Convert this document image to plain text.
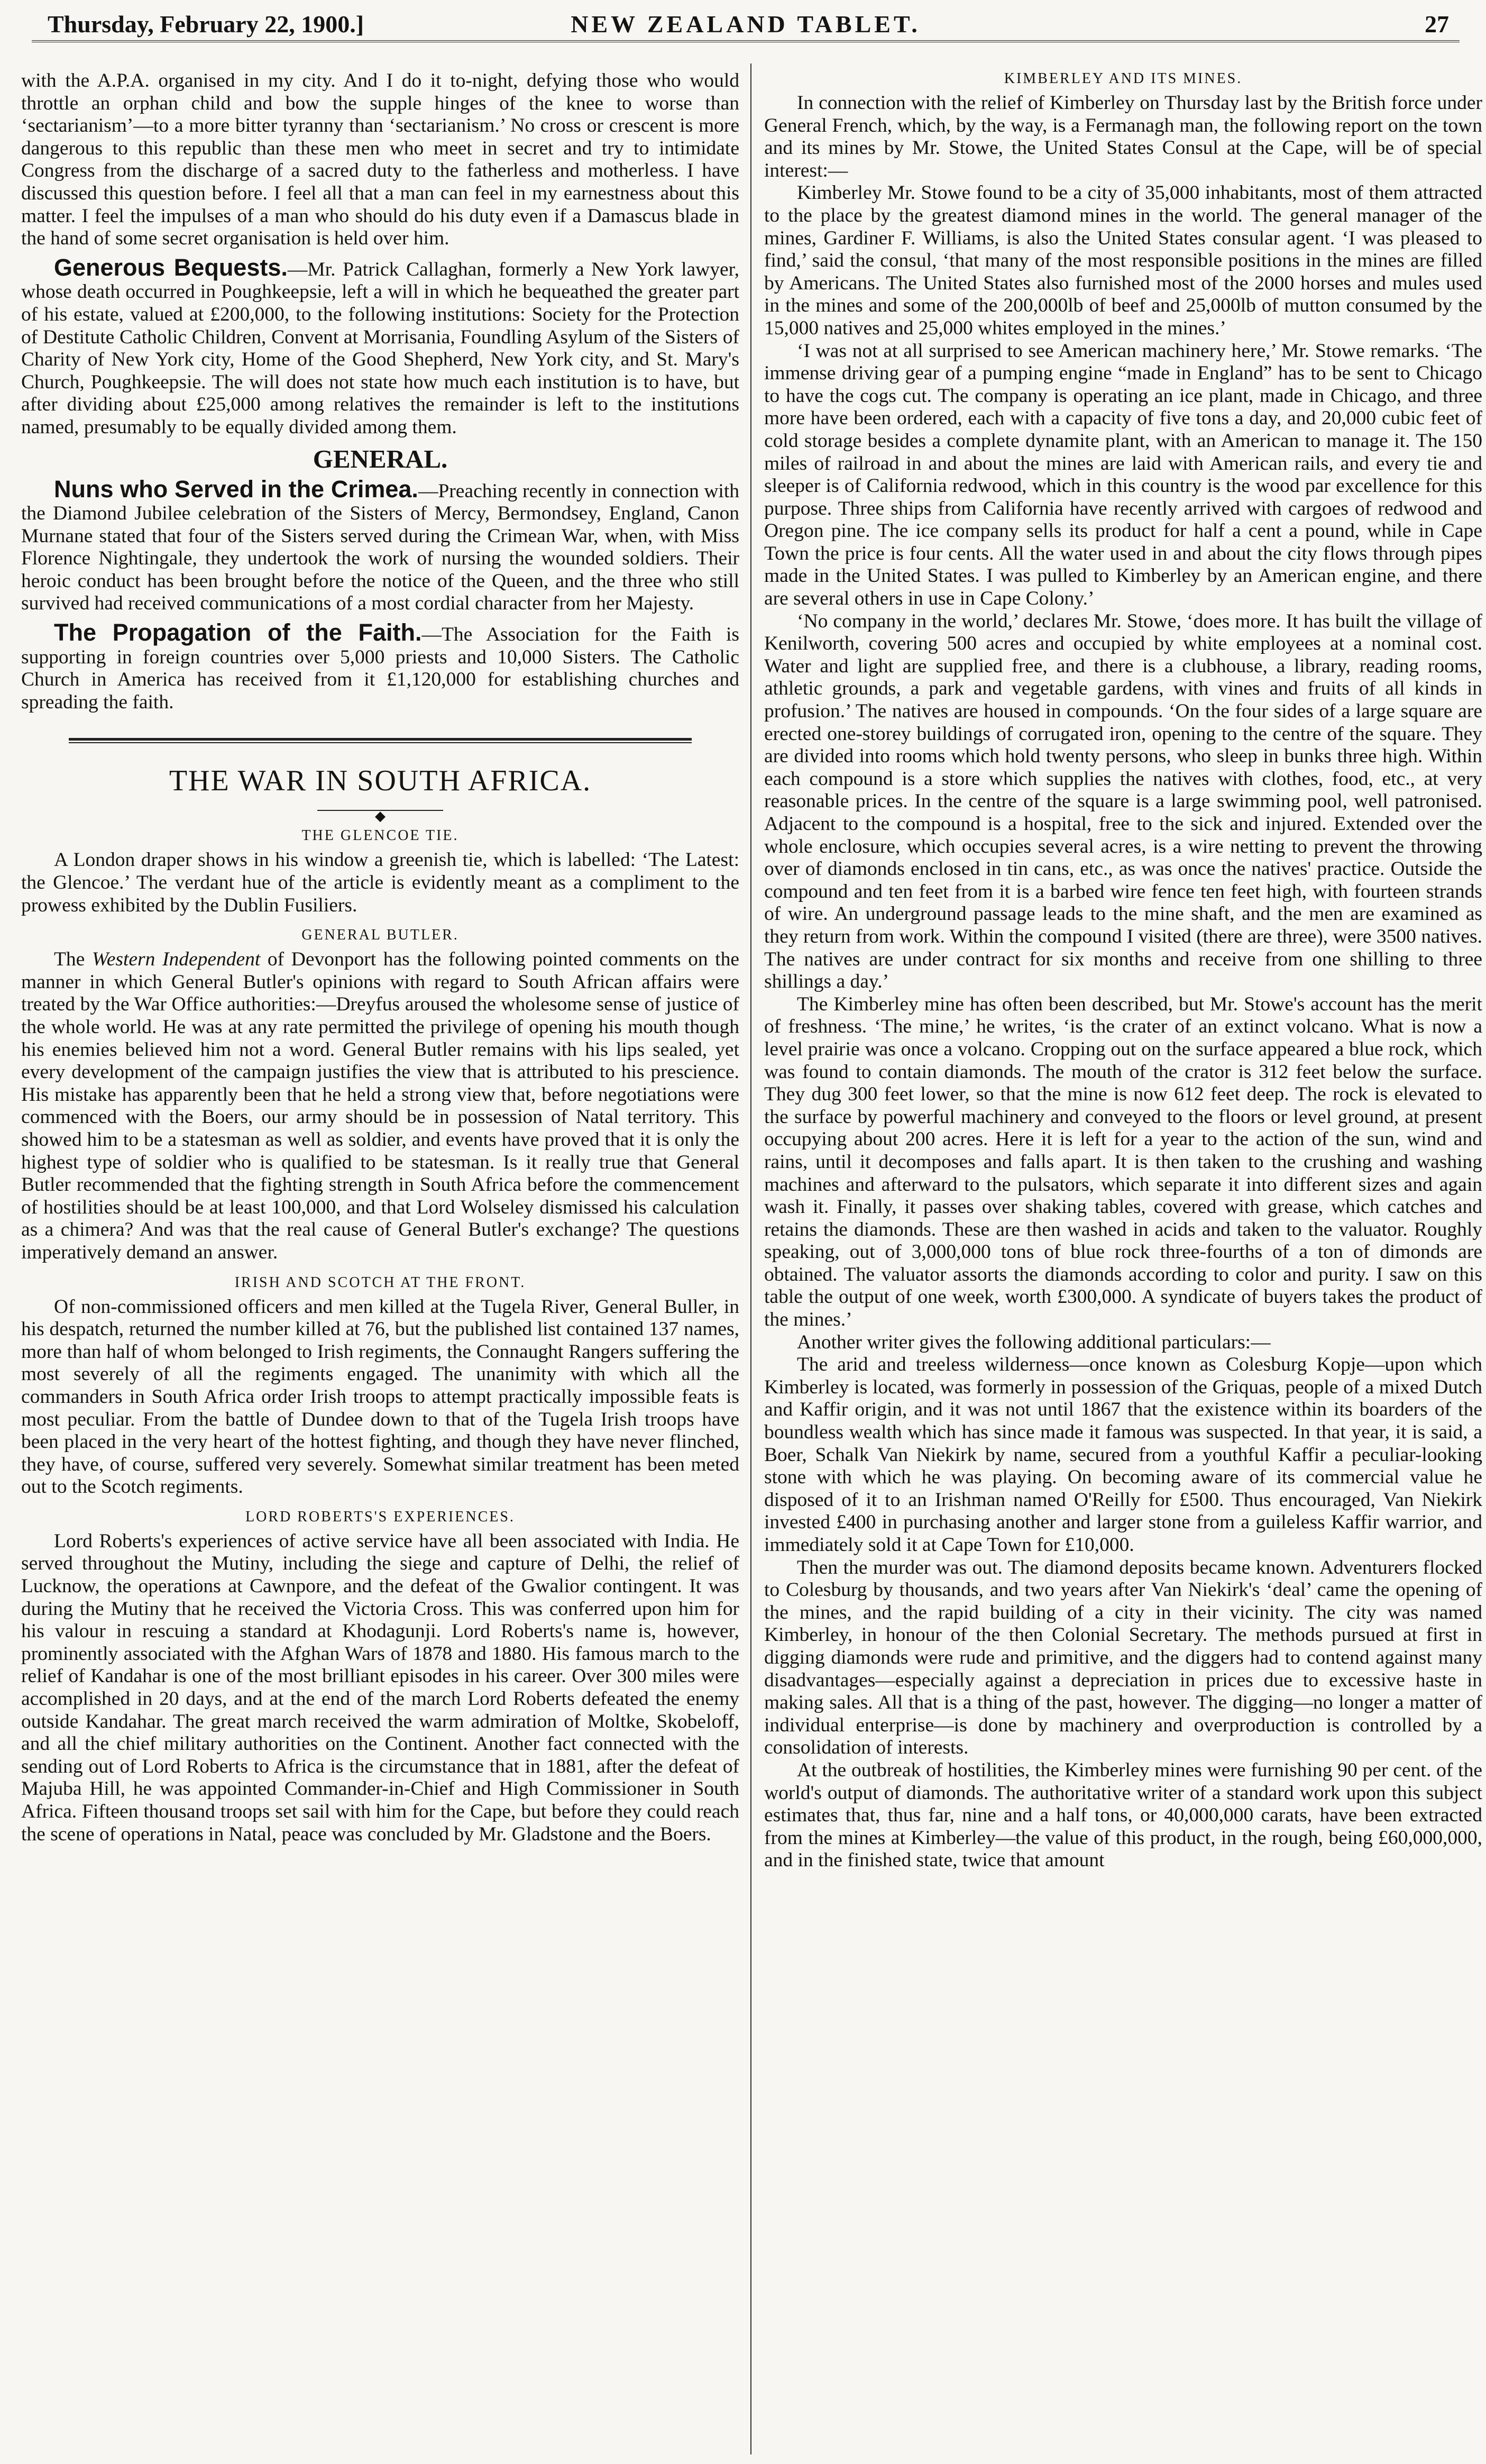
Thursday, February 22, 1900.]	NEW ZEALAND TABLET.	27

with the A.P.A. organised in my city. And I do it to-night, defying those who would throttle an orphan child and bow the supple hinges of the knee to worse than ‘sectarianism’—to a more bitter tyranny than ‘sectarianism.’ No cross or crescent is more dangerous to this republic than these men who meet in secret and try to intimidate Congress from the discharge of a sacred duty to the fatherless and motherless. I have discussed this question before. I feel all that a man can feel in my earnestness about this matter. I feel the impulses of a man who should do his duty even if a Damascus blade in the hand of some secret organisation is held over him.

Generous Bequests.—Mr. Patrick Callaghan, formerly a New York lawyer, whose death occurred in Poughkeepsie, left a will in which he bequeathed the greater part of his estate, valued at £200,000, to the following institutions: Society for the Protection of Destitute Catholic Children, Convent at Morrisania, Foundling Asylum of the Sisters of Charity of New York city, Home of the Good Shepherd, New York city, and St. Mary's Church, Poughkeepsie. The will does not state how much each institution is to have, but after dividing about £25,000 among relatives the remainder is left to the institutions named, presumably to be equally divided among them.

GENERAL.

Nuns who Served in the Crimea.—Preaching recently in connection with the Diamond Jubilee celebration of the Sisters of Mercy, Bermondsey, England, Canon Murnane stated that four of the Sisters served during the Crimean War, when, with Miss Florence Nightingale, they undertook the work of nursing the wounded soldiers. Their heroic conduct has been brought before the notice of the Queen, and the three who still survived had received communications of a most cordial character from her Majesty.

The Propagation of the Faith.—The Association for the Faith is supporting in foreign countries over 5,000 priests and 10,000 Sisters. The Catholic Church in America has received from it £1,120,000 for establishing churches and spreading the faith.

THE WAR IN SOUTH AFRICA.
◆
THE GLENCOE TIE.

A London draper shows in his window a greenish tie, which is labelled: ‘The Latest: the Glencoe.’ The verdant hue of the article is evidently meant as a compliment to the prowess exhibited by the Dublin Fusiliers.

GENERAL BUTLER.

The Western Independent of Devonport has the following pointed comments on the manner in which General Butler's opinions with regard to South African affairs were treated by the War Office authorities:—Dreyfus aroused the wholesome sense of justice of the whole world. He was at any rate permitted the privilege of opening his mouth though his enemies believed him not a word. General Butler remains with his lips sealed, yet every development of the campaign justifies the view that is attributed to his prescience. His mistake has apparently been that he held a strong view that, before negotiations were commenced with the Boers, our army should be in possession of Natal territory. This showed him to be a statesman as well as soldier, and events have proved that it is only the highest type of soldier who is qualified to be statesman. Is it really true that General Butler recommended that the fighting strength in South Africa before the commencement of hostilities should be at least 100,000, and that Lord Wolseley dismissed his calculation as a chimera? And was that the real cause of General Butler's exchange? The questions imperatively demand an answer.

IRISH AND SCOTCH AT THE FRONT.

Of non-commissioned officers and men killed at the Tugela River, General Buller, in his despatch, returned the number killed at 76, but the published list contained 137 names, more than half of whom belonged to Irish regiments, the Connaught Rangers suffering the most severely of all the regiments engaged. The unanimity with which all the commanders in South Africa order Irish troops to attempt practically impossible feats is most peculiar. From the battle of Dundee down to that of the Tugela Irish troops have been placed in the very heart of the hottest fighting, and though they have never flinched, they have, of course, suffered very severely. Somewhat similar treatment has been meted out to the Scotch regiments.

LORD ROBERTS'S EXPERIENCES.

Lord Roberts's experiences of active service have all been associated with India. He served throughout the Mutiny, including the siege and capture of Delhi, the relief of Lucknow, the operations at Cawnpore, and the defeat of the Gwalior contingent. It was during the Mutiny that he received the Victoria Cross. This was conferred upon him for his valour in rescuing a standard at Khodagunji. Lord Roberts's name is, however, prominently associated with the Afghan Wars of 1878 and 1880. His famous march to the relief of Kandahar is one of the most brilliant episodes in his career. Over 300 miles were accomplished in 20 days, and at the end of the march Lord Roberts defeated the enemy outside Kandahar. The great march received the warm admiration of Moltke, Skobeloff, and all the chief military authorities on the Continent. Another fact connected with the sending out of Lord Roberts to Africa is the circumstance that in 1881, after the defeat of Majuba Hill, he was appointed Commander-in-Chief and High Commissioner in South Africa. Fifteen thousand troops set sail with him for the Cape, but before they could reach the scene of operations in Natal, peace was concluded by Mr. Gladstone and the Boers.

KIMBERLEY AND ITS MINES.

In connection with the relief of Kimberley on Thursday last by the British force under General French, which, by the way, is a Fermanagh man, the following report on the town and its mines by Mr. Stowe, the United States Consul at the Cape, will be of special interest:—

Kimberley Mr. Stowe found to be a city of 35,000 inhabitants, most of them attracted to the place by the greatest diamond mines in the world. The general manager of the mines, Gardiner F. Williams, is also the United States consular agent. ‘I was pleased to find,’ said the consul, ‘that many of the most responsible positions in the mines are filled by Americans. The United States also furnished most of the 2000 horses and mules used in the mines and some of the 200,000lb of beef and 25,000lb of mutton consumed by the 15,000 natives and 25,000 whites employed in the mines.’

‘I was not at all surprised to see American machinery here,’ Mr. Stowe remarks. ‘The immense driving gear of a pumping engine “made in England” has to be sent to Chicago to have the cogs cut. The company is operating an ice plant, made in Chicago, and three more have been ordered, each with a capacity of five tons a day, and 20,000 cubic feet of cold storage besides a complete dynamite plant, with an American to manage it. The 150 miles of railroad in and about the mines are laid with American rails, and every tie and sleeper is of California redwood, which in this country is the wood par excellence for this purpose. Three ships from California have recently arrived with cargoes of redwood and Oregon pine. The ice company sells its product for half a cent a pound, while in Cape Town the price is four cents. All the water used in and about the city flows through pipes made in the United States. I was pulled to Kimberley by an American engine, and there are several others in use in Cape Colony.’

‘No company in the world,’ declares Mr. Stowe, ‘does more. It has built the village of Kenilworth, covering 500 acres and occupied by white employees at a nominal cost. Water and light are supplied free, and there is a clubhouse, a library, reading rooms, athletic grounds, a park and vegetable gardens, with vines and fruits of all kinds in profusion.’ The natives are housed in compounds. ‘On the four sides of a large square are erected one-storey buildings of corrugated iron, opening to the centre of the square. They are divided into rooms which hold twenty persons, who sleep in bunks three high. Within each compound is a store which supplies the natives with clothes, food, etc., at very reasonable prices. In the centre of the square is a large swimming pool, well patronised. Adjacent to the compound is a hospital, free to the sick and injured. Extended over the whole enclosure, which occupies several acres, is a wire netting to prevent the throwing over of diamonds enclosed in tin cans, etc., as was once the natives' practice. Outside the compound and ten feet from it is a barbed wire fence ten feet high, with fourteen strands of wire. An underground passage leads to the mine shaft, and the men are examined as they return from work. Within the compound I visited (there are three), were 3500 natives. The natives are under contract for six months and receive from one shilling to three shillings a day.’

The Kimberley mine has often been described, but Mr. Stowe's account has the merit of freshness. ‘The mine,’ he writes, ‘is the crater of an extinct volcano. What is now a level prairie was once a volcano. Cropping out on the surface appeared a blue rock, which was found to contain diamonds. The mouth of the crator is 312 feet below the surface. They dug 300 feet lower, so that the mine is now 612 feet deep. The rock is elevated to the surface by powerful machinery and conveyed to the floors or level ground, at present occupying about 200 acres. Here it is left for a year to the action of the sun, wind and rains, until it decomposes and falls apart. It is then taken to the crushing and washing machines and afterward to the pulsators, which separate it into different sizes and again wash it. Finally, it passes over shaking tables, covered with grease, which catches and retains the diamonds. These are then washed in acids and taken to the valuator. Roughly speaking, out of 3,000,000 tons of blue rock three-fourths of a ton of dimonds are obtained. The valuator assorts the diamonds according to color and purity. I saw on this table the output of one week, worth £300,000. A syndicate of buyers takes the product of the mines.’

Another writer gives the following additional particulars:—

The arid and treeless wilderness—once known as Colesburg Kopje—upon which Kimberley is located, was formerly in possession of the Griquas, people of a mixed Dutch and Kaffir origin, and it was not until 1867 that the existence within its boarders of the boundless wealth which has since made it famous was suspected. In that year, it is said, a Boer, Schalk Van Niekirk by name, secured from a youthful Kaffir a peculiar-looking stone with which he was playing. On becoming aware of its commercial value he disposed of it to an Irishman named O'Reilly for £500. Thus encouraged, Van Niekirk invested £400 in purchasing another and larger stone from a guileless Kaffir warrior, and immediately sold it at Cape Town for £10,000.

Then the murder was out. The diamond deposits became known. Adventurers flocked to Colesburg by thousands, and two years after Van Niekirk's ‘deal’ came the opening of the mines, and the rapid building of a city in their vicinity. The city was named Kimberley, in honour of the then Colonial Secretary. The methods pursued at first in digging diamonds were rude and primitive, and the diggers had to contend against many disadvantages—especially against a depreciation in prices due to excessive haste in making sales. All that is a thing of the past, however. The digging—no longer a matter of individual enterprise—is done by machinery and overproduction is controlled by a consolidation of interests.

At the outbreak of hostilities, the Kimberley mines were furnishing 90 per cent. of the world's output of diamonds. The authoritative writer of a standard work upon this subject estimates that, thus far, nine and a half tons, or 40,000,000 carats, have been extracted from the mines at Kimberley—the value of this product, in the rough, being £60,000,000, and in the finished state, twice that amount
